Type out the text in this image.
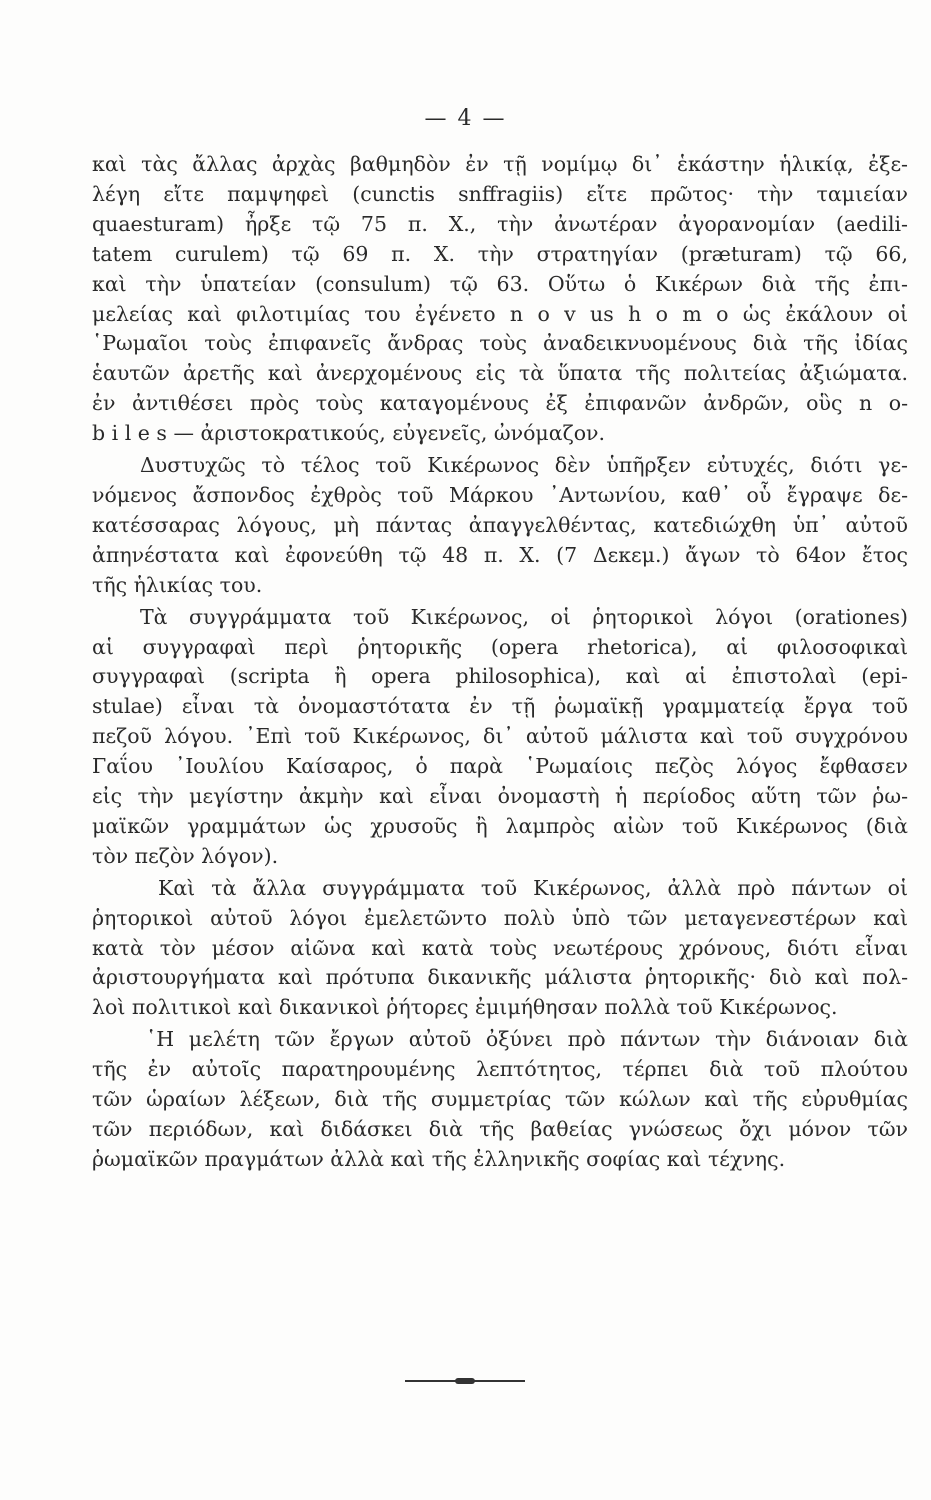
— 4 —

καὶ τὰς ἄλλας ἀρχὰς βαθμηδὸν ἐν τῇ νομίμῳ δι᾽ ἑκάστην ἡλικίᾳ, ἐξε-

λέγη εἴτε παμψηφεὶ (cunctis snffragiis) εἴτε πρῶτος· τὴν ταμιείαν

quaesturam) ἦρξε τῷ 75 π. Χ., τὴν ἀνωτέραν ἀγορανομίαν (aedili-

tatem curulem) τῷ 69 π. Χ. τὴν στρατηγίαν (prӕturam) τῷ 66,

καὶ τὴν ὑπατείαν (consulum) τῷ 63. Οὕτω ὁ Κικέρων διὰ τῆς ἐπι-

μελείας καὶ φιλοτιμίας του ἐγένετο n o v us h o m o ὡς ἐκάλουν οἱ

῾Ρωμαῖοι τοὺς ἐπιφανεῖς ἄνδρας τοὺς ἀναδεικνυομένους διὰ τῆς ἰδίας

ἑαυτῶν ἀρετῆς καὶ ἀνερχομένους εἰς τὰ ὕπατα τῆς πολιτείας ἀξιώματα.

ἐν ἀντιθέσει πρὸς τοὺς καταγομένους ἐξ ἐπιφανῶν ἀνδρῶν, οὓς n o-

b i l e s — ἀριστοκρατικούς, εὐγενεῖς, ὠνόμαζον.

Δυστυχῶς τὸ τέλος τοῦ Κικέρωνος δὲν ὑπῆρξεν εὐτυχές, διότι γε-

νόμενος ἄσπονδος ἐχθρὸς τοῦ Μάρκου ᾽Αντωνίου, καθ᾽ οὗ ἔγραψε δε-

κατέσσαρας λόγους, μὴ πάντας ἀπαγγελθέντας, κατεδιώχθη ὑπ᾽ αὐτοῦ

ἀπηνέστατα καὶ ἐφονεύθη τῷ 48 π. Χ. (7 Δεκεμ.) ἄγων τὸ 64ον ἔτος

τῆς ἡλικίας του.

Τὰ συγγράμματα τοῦ Κικέρωνος, οἱ ῥητορικοὶ λόγοι (orationes)

αἱ συγγραφαὶ περὶ ῥητορικῆς (opera rhetorica), αἱ φιλοσοφικαὶ

συγγραφαὶ (scripta ἢ opera philosophica), καὶ αἱ ἐπιστολαὶ (epi-

stulae) εἶναι τὰ ὀνομαστότατα ἐν τῇ ῥωμαϊκῇ γραμματείᾳ ἔργα τοῦ

πεζοῦ λόγου. ᾽Επὶ τοῦ Κικέρωνος, δι᾽ αὐτοῦ μάλιστα καὶ τοῦ συγχρόνου

Γαΐου ᾽Ιουλίου Καίσαρος, ὁ παρὰ ῾Ρωμαίοις πεζὸς λόγος ἔφθασεν

εἰς τὴν μεγίστην ἀκμὴν καὶ εἶναι ὀνομαστὴ ἡ περίοδος αὕτη τῶν ῥω-

μαϊκῶν γραμμάτων ὡς χρυσοῦς ἢ λαμπρὸς αἰὼν τοῦ Κικέρωνος (διὰ

τὸν πεζὸν λόγον).

Καὶ τὰ ἄλλα συγγράμματα τοῦ Κικέρωνος, ἀλλὰ πρὸ πάντων οἱ

ῥητορικοὶ αὐτοῦ λόγοι ἐμελετῶντο πολὺ ὑπὸ τῶν μεταγενεστέρων καὶ

κατὰ τὸν μέσον αἰῶνα καὶ κατὰ τοὺς νεωτέρους χρόνους, διότι εἶναι

ἀριστουργήματα καὶ πρότυπα δικανικῆς μάλιστα ῥητορικῆς· διὸ καὶ πολ-

λοὶ πολιτικοὶ καὶ δικανικοὶ ῥήτορες ἐμιμήθησαν πολλὰ τοῦ Κικέρωνος.

῾Η μελέτη τῶν ἔργων αὐτοῦ ὀξύνει πρὸ πάντων τὴν διάνοιαν διὰ

τῆς ἐν αὐτοῖς παρατηρουμένης λεπτότητος, τέρπει διὰ τοῦ πλούτου

τῶν ὡραίων λέξεων, διὰ τῆς συμμετρίας τῶν κώλων καὶ τῆς εὐρυθμίας

τῶν περιόδων, καὶ διδάσκει διὰ τῆς βαθείας γνώσεως ὄχι μόνον τῶν

ῥωμαϊκῶν πραγμάτων ἀλλὰ καὶ τῆς ἑλληνικῆς σοφίας καὶ τέχνης.
